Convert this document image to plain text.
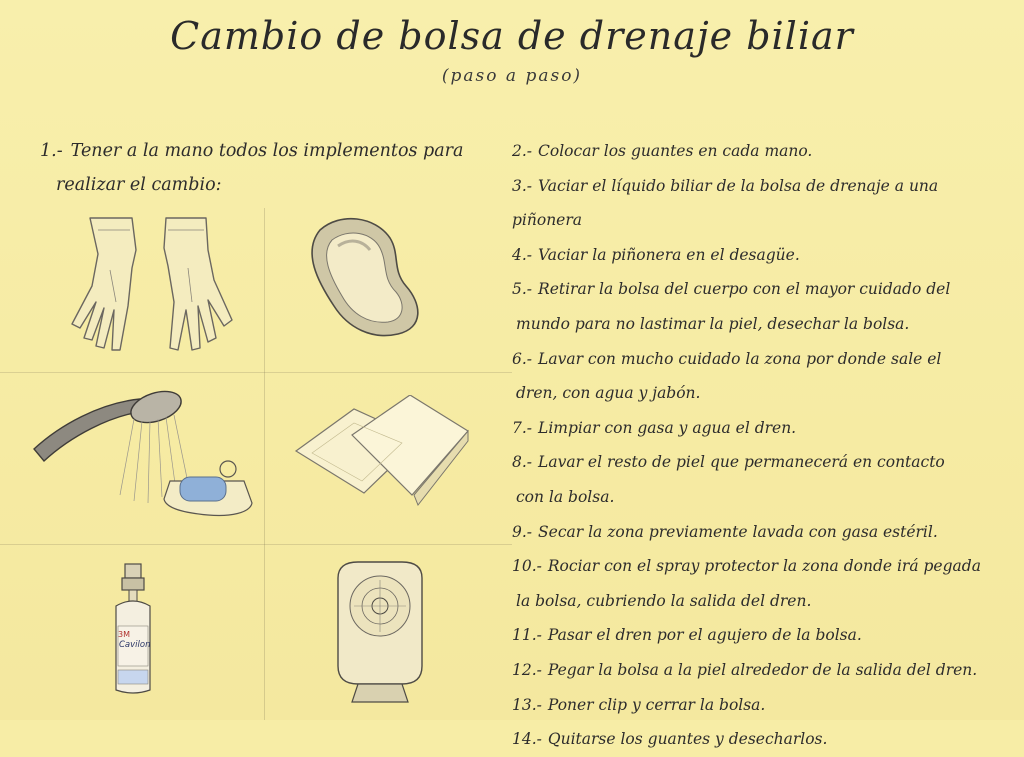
Cambio de bolsa de drenaje biliar
(paso a paso)
1.- Tener a la mano todos los implementos para
realizar el cambio:
2.- Colocar los guantes en cada mano.
3.- Vaciar el líquido biliar de la bolsa de drenaje a una piñonera
4.- Vaciar la piñonera en el desagüe.
5.- Retirar la bolsa del cuerpo con el mayor cuidado del
mundo para no lastimar la piel, desechar la bolsa.
6.- Lavar con mucho cuidado la zona por donde sale el
dren, con agua y jabón.
7.- Limpiar con gasa y agua el dren.
8.- Lavar el resto de piel que permanecerá en contacto
con la bolsa.
9.- Secar la zona previamente lavada con gasa estéril.
10.- Rociar con el spray protector la zona donde irá pegada
la bolsa, cubriendo la salida del dren.
11.- Pasar el dren por el agujero de la bolsa.
12.- Pegar la bolsa a la piel alrededor de la salida del dren.
13.- Poner clip y cerrar la bolsa.
14.- Quitarse los guantes y desecharlos.
3M
Cavilon
